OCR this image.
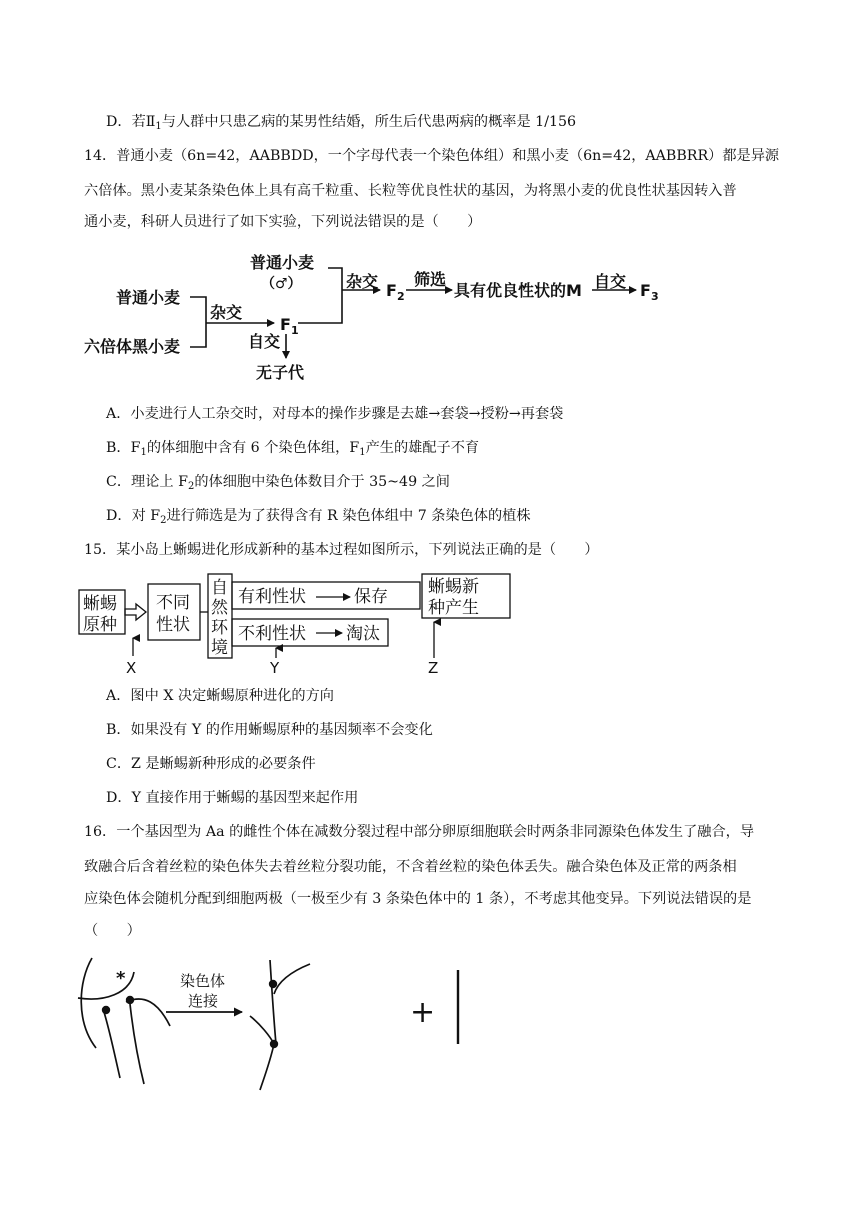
D．若$Ⅱ_1$与人群中只患乙病的某男性结婚，所生后代患两病的概率是 1/156
14．普通小麦（6n=42，AABBDD，一个字母代表一个染色体组）和黑小麦（6n=42，AABBRR）都是异源
六倍体。黑小麦某条染色体上具有高千粒重、长粒等优良性状的基因，为将黑小麦的优良性状基因转入普
通小麦，科研人员进行了如下实验，下列说法错误的是（　　）
普通小麦
（♂）
普通小麦
六倍体黑小麦
杂交
$F_1$
自交
无子代
杂交 $F_2$
筛选
具有优良性状的M 自交 $F_3$
A．小麦进行人工杂交时，对母本的操作步骤是去雄→套袋→授粉→再套袋
B．$F_1$的体细胞中含有 6 个染色体组，$F_1$产生的雄配子不育
C．理论上 $F_2$的体细胞中染色体数目介于 35~49 之间
D．对 $F_2$进行筛选是为了获得含有 R 染色体组中 7 条染色体的植株
15．某小岛上蜥蜴进化形成新种的基本过程如图所示，下列说法正确的是（　　）
蜥蜴
原种
不同
性状
自
然
环
境
有利性状	保存
不利性状 淘汰
蜥蜴新
种产生
X	Y	Z
A．图中 X 决定蜥蜴原种进化的方向
B．如果没有 Y 的作用蜥蜴原种的基因频率不会变化
C．Z 是蜥蜴新种形成的必要条件
D．Y 直接作用于蜥蜴的基因型来起作用
16．一个基因型为 Aa 的雌性个体在减数分裂过程中部分卵原细胞联会时两条非同源染色体发生了融合，导
致融合后含着丝粒的染色体失去着丝粒分裂功能，不含着丝粒的染色体丢失。融合染色体及正常的两条相
应染色体会随机分配到细胞两极（一极至少有 3 条染色体中的 1 条），不考虑其他变异。下列说法错误的是
（　　）
*	染色体
连接	+
